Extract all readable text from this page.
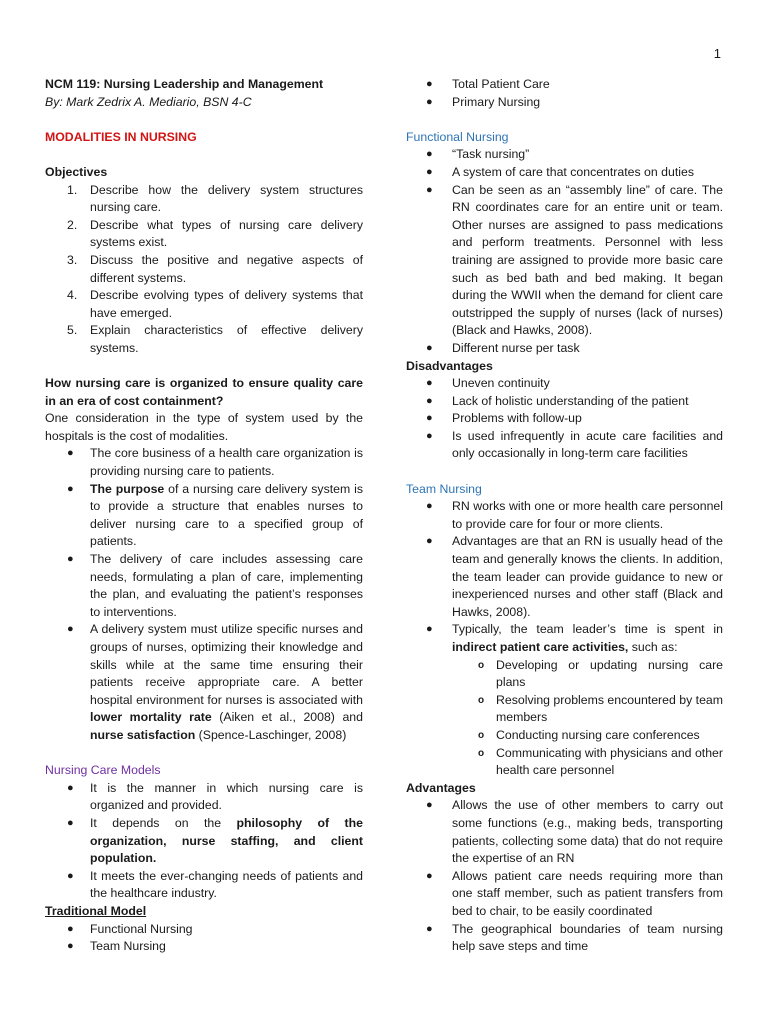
1
NCM 119: Nursing Leadership and Management
By: Mark Zedrix A. Mediario, BSN 4-C
MODALITIES IN NURSING
Objectives
1. Describe how the delivery system structures nursing care.
2. Describe what types of nursing care delivery systems exist.
3. Discuss the positive and negative aspects of different systems.
4. Describe evolving types of delivery systems that have emerged.
5. Explain characteristics of effective delivery systems.
How nursing care is organized to ensure quality care in an era of cost containment?
One consideration in the type of system used by the hospitals is the cost of modalities.
● The core business of a health care organization is providing nursing care to patients.
● The purpose of a nursing care delivery system is to provide a structure that enables nurses to deliver nursing care to a specified group of patients.
● The delivery of care includes assessing care needs, formulating a plan of care, implementing the plan, and evaluating the patient’s responses to interventions.
● A delivery system must utilize specific nurses and groups of nurses, optimizing their knowledge and skills while at the same time ensuring their patients receive appropriate care. A better hospital environment for nurses is associated with lower mortality rate (Aiken et al., 2008) and nurse satisfaction (Spence-Laschinger, 2008)
Nursing Care Models
● It is the manner in which nursing care is organized and provided.
● It depends on the philosophy of the organization, nurse staffing, and client population.
● It meets the ever-changing needs of patients and the healthcare industry.
Traditional Model
● Functional Nursing
● Team Nursing
● Total Patient Care
● Primary Nursing
Functional Nursing
● “Task nursing”
● A system of care that concentrates on duties
● Can be seen as an “assembly line” of care. The RN coordinates care for an entire unit or team. Other nurses are assigned to pass medications and perform treatments. Personnel with less training are assigned to provide more basic care such as bed bath and bed making. It began during the WWII when the demand for client care outstripped the supply of nurses (lack of nurses) (Black and Hawks, 2008).
● Different nurse per task
Disadvantages
● Uneven continuity
● Lack of holistic understanding of the patient
● Problems with follow-up
● Is used infrequently in acute care facilities and only occasionally in long-term care facilities
Team Nursing
● RN works with one or more health care personnel to provide care for four or more clients.
● Advantages are that an RN is usually head of the team and generally knows the clients. In addition, the team leader can provide guidance to new or inexperienced nurses and other staff (Black and Hawks, 2008).
● Typically, the team leader’s time is spent in indirect patient care activities, such as:
o Developing or updating nursing care plans
o Resolving problems encountered by team members
o Conducting nursing care conferences
o Communicating with physicians and other health care personnel
Advantages
● Allows the use of other members to carry out some functions (e.g., making beds, transporting patients, collecting some data) that do not require the expertise of an RN
● Allows patient care needs requiring more than one staff member, such as patient transfers from bed to chair, to be easily coordinated
● The geographical boundaries of team nursing help save steps and time
